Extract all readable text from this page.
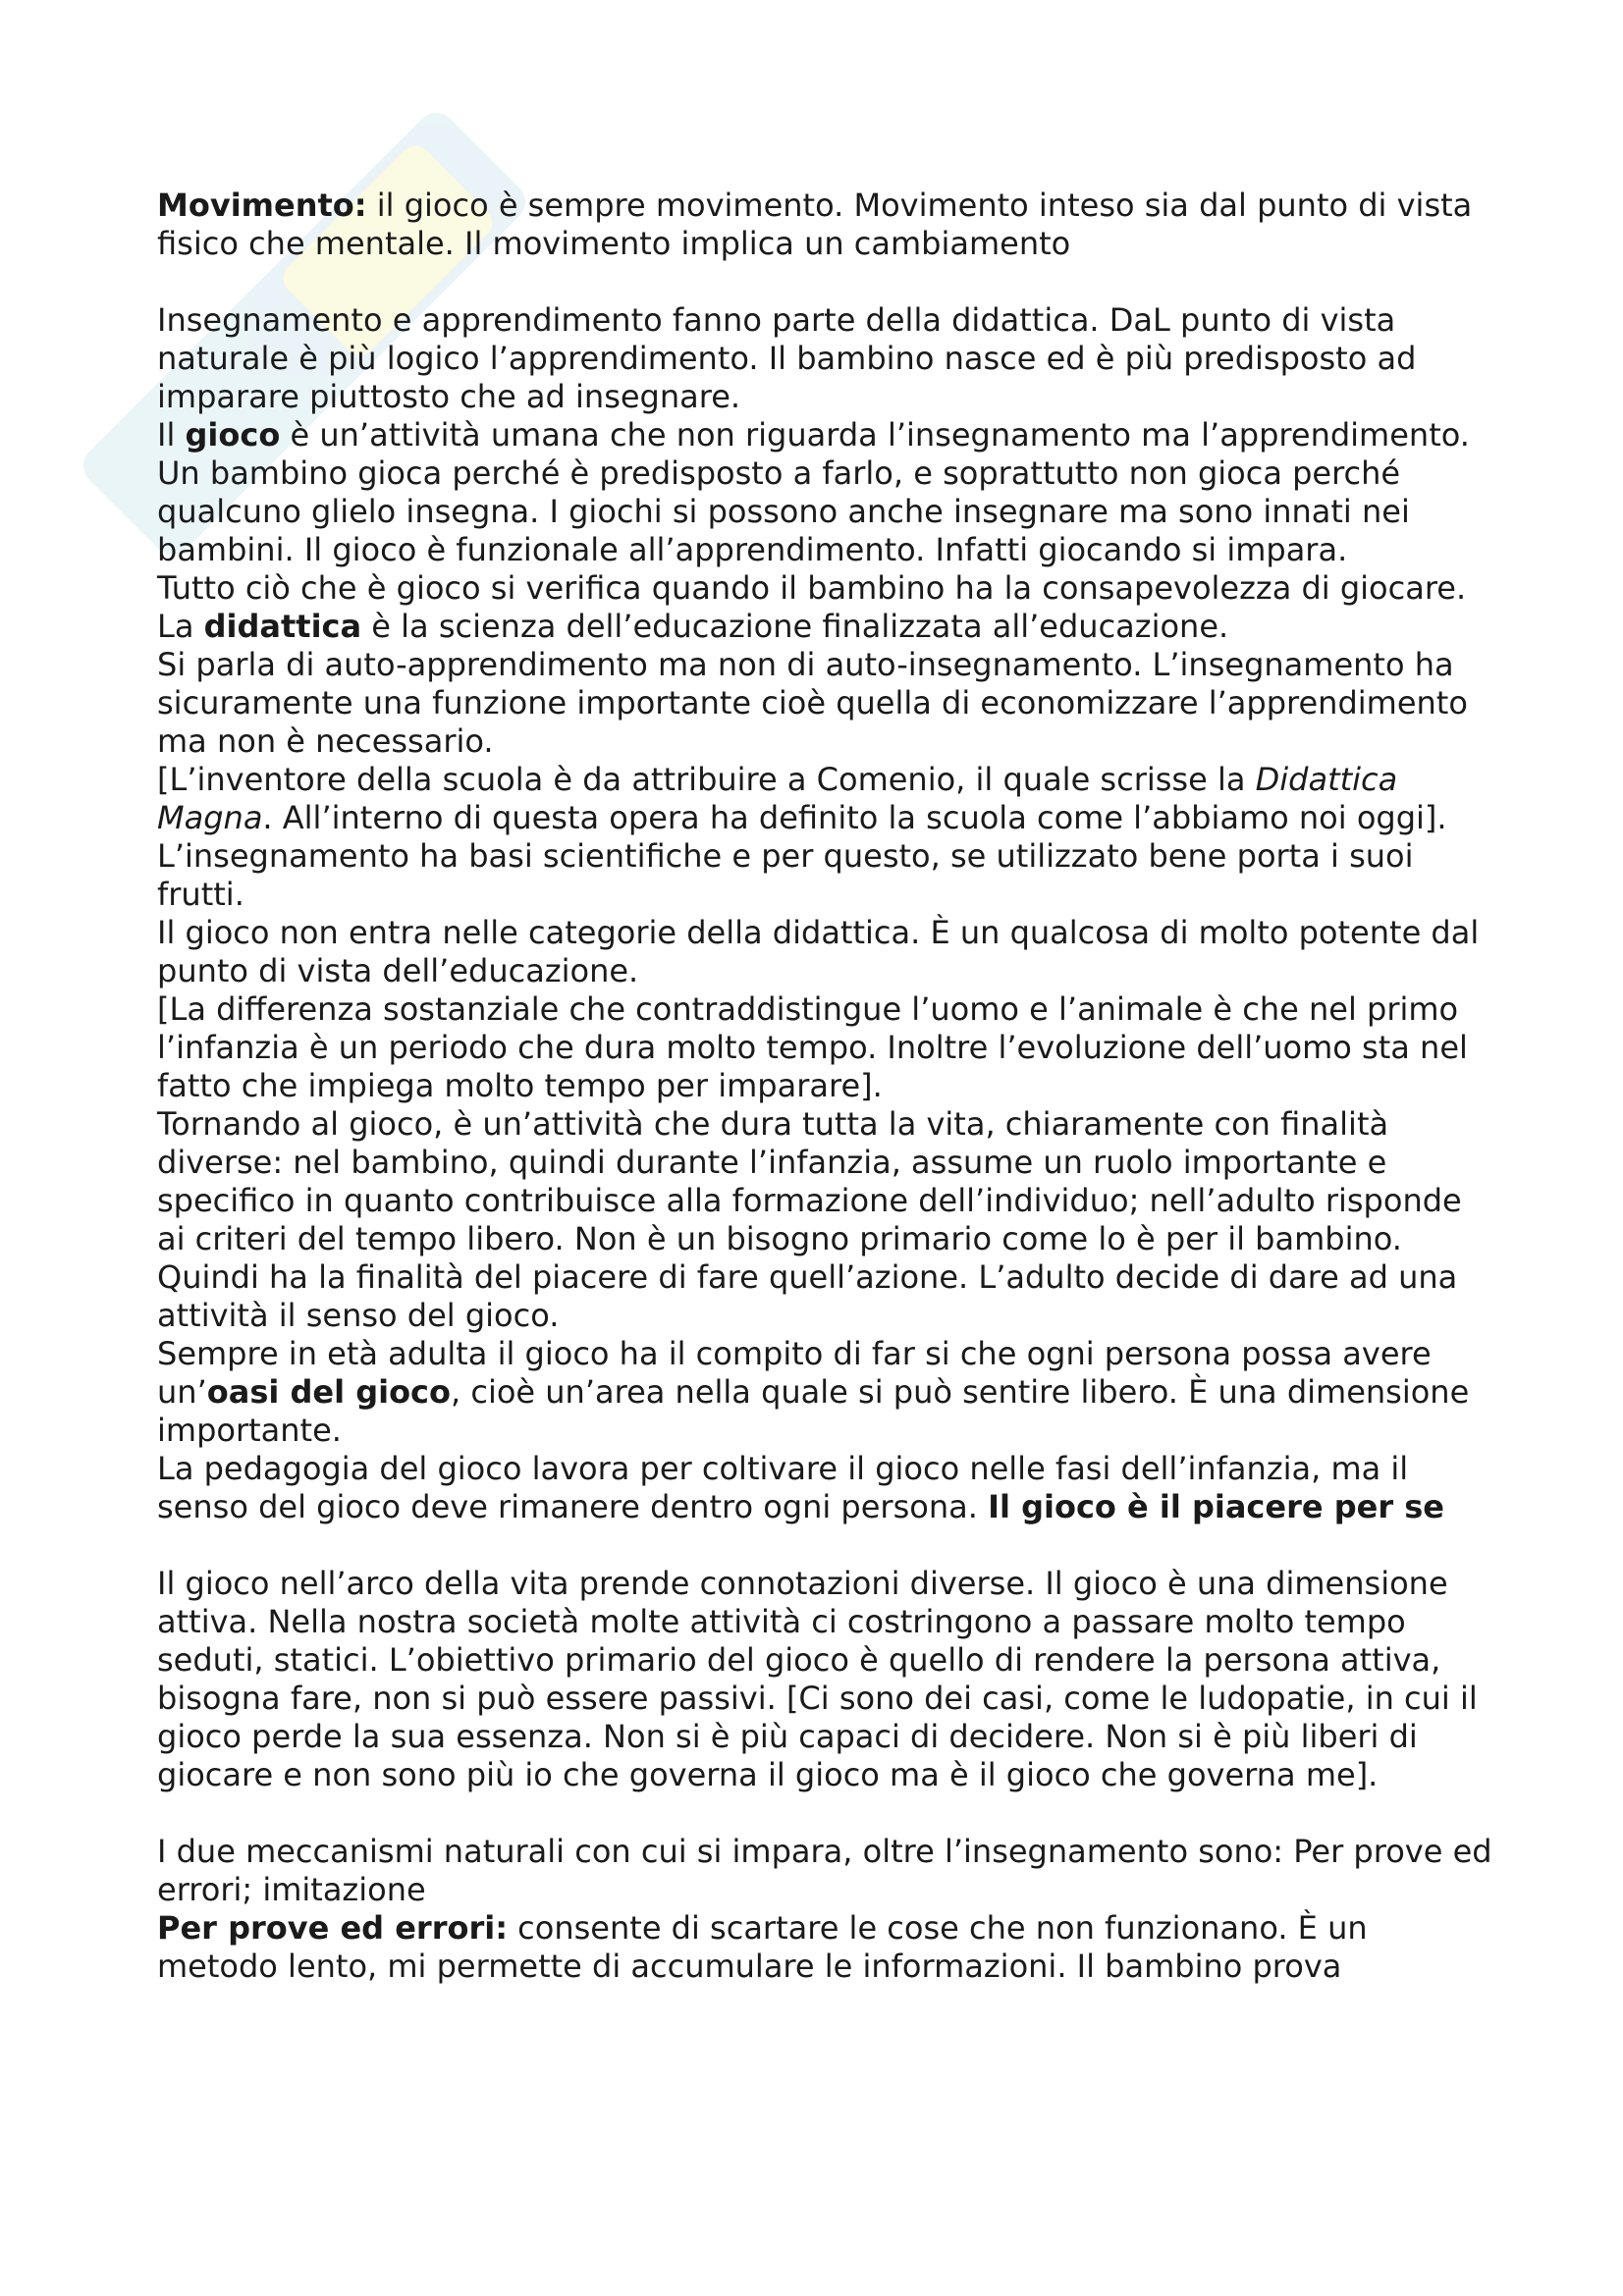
Movimento: il gioco è sempre movimento. Movimento inteso sia dal punto di vista fisico che mentale. Il movimento implica un cambiamento

Insegnamento e apprendimento fanno parte della didattica. DaL punto di vista naturale è più logico l’apprendimento. Il bambino nasce ed è più predisposto ad imparare piuttosto che ad insegnare.

Il gioco è un’attività umana che non riguarda l’insegnamento ma l’apprendimento. Un bambino gioca perché è predisposto a farlo, e soprattutto non gioca perché qualcuno glielo insegna. I giochi si possono anche insegnare ma sono innati nei bambini. Il gioco è funzionale all’apprendimento. Infatti giocando si impara.

Tutto ciò che è gioco si verifica quando il bambino ha la consapevolezza di giocare.

La didattica è la scienza dell’educazione finalizzata all’educazione.

Si parla di auto-apprendimento ma non di auto-insegnamento. L’insegnamento ha sicuramente una funzione importante cioè quella di economizzare l’apprendimento ma non è necessario.

[L’inventore della scuola è da attribuire a Comenio, il quale scrisse la Didattica Magna. All’interno di questa opera ha definito la scuola come l’abbiamo noi oggi]. L’insegnamento ha basi scientifiche e per questo, se utilizzato bene porta i suoi frutti.

Il gioco non entra nelle categorie della didattica. È un qualcosa di molto potente dal punto di vista dell’educazione.

[La differenza sostanziale che contraddistingue l’uomo e l’animale è che nel primo l’infanzia è un periodo che dura molto tempo. Inoltre l’evoluzione dell’uomo sta nel fatto che impiega molto tempo per imparare].

Tornando al gioco, è un’attività che dura tutta la vita, chiaramente con finalità diverse: nel bambino, quindi durante l’infanzia, assume un ruolo importante e specifico in quanto contribuisce alla formazione dell’individuo; nell’adulto risponde ai criteri del tempo libero. Non è un bisogno primario come lo è per il bambino. Quindi ha la finalità del piacere di fare quell’azione. L’adulto decide di dare ad una attività il senso del gioco.

Sempre in età adulta il gioco ha il compito di far si che ogni persona possa avere un’oasi del gioco, cioè un’area nella quale si può sentire libero. È una dimensione importante.

La pedagogia del gioco lavora per coltivare il gioco nelle fasi dell’infanzia, ma il senso del gioco deve rimanere dentro ogni persona. Il gioco è il piacere per se

Il gioco nell’arco della vita prende connotazioni diverse. Il gioco è una dimensione attiva. Nella nostra società molte attività ci costringono a passare molto tempo seduti, statici. L’obiettivo primario del gioco è quello di rendere la persona attiva, bisogna fare, non si può essere passivi. [Ci sono dei casi, come le ludopatie, in cui il gioco perde la sua essenza. Non si è più capaci di decidere. Non si è più liberi di giocare e non sono più io che governa il gioco ma è il gioco che governa me].

I due meccanismi naturali con cui si impara, oltre l’insegnamento sono: Per prove ed errori; imitazione

Per prove ed errori: consente di scartare le cose che non funzionano. È un metodo lento, mi permette di accumulare le informazioni. Il bambino prova
